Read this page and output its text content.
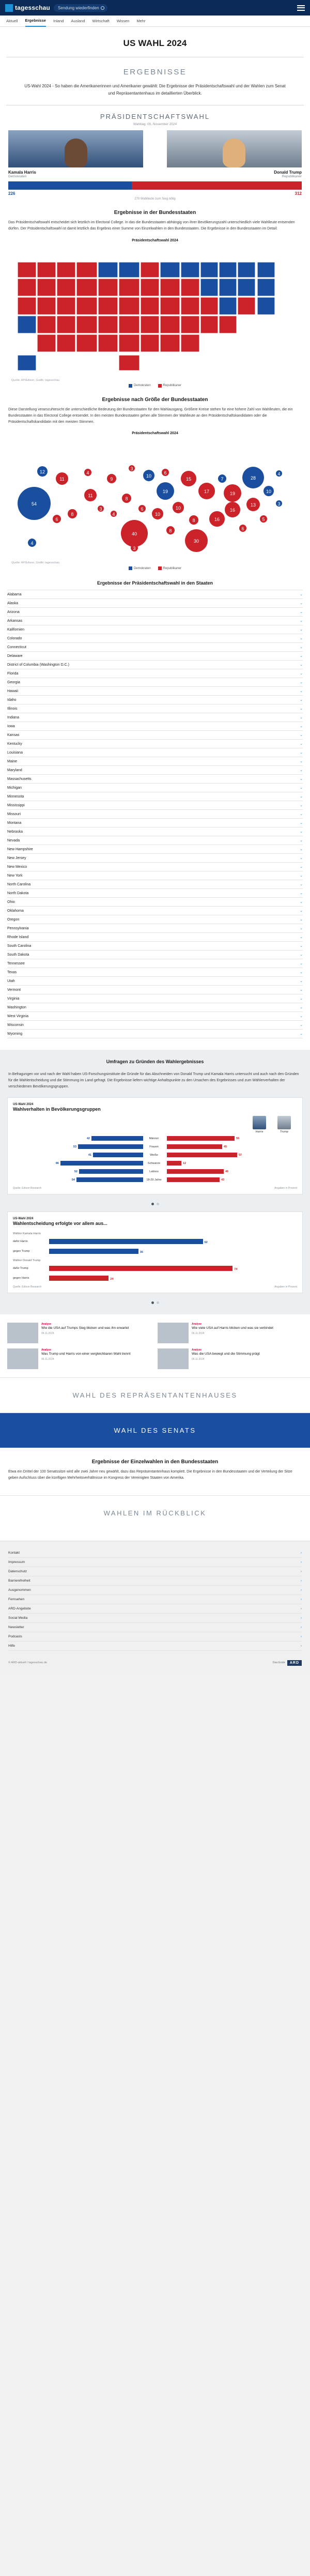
tagesschau	Sendung wiederfinden
Aktuell Ergebnisse Inland Ausland Wirtschaft Wissen Mehr
US WAHL 2024
ERGEBNISSE
US-Wahl 2024 - So haben die Amerikanerinnen und Amerikaner gewählt: Die Ergebnisse der Präsidentschaftswahl und der Wahlen zum Senat und Repräsentantenhaus im detaillierten Überblick.
PRÄSIDENTSCHAFTSWAHL
Wahltag: 05. November 2024
Kamala Harris
Demokraten
Donald Trump
Republikaner
226	312
270 Wahlleute zum Sieg nötig
Ergebnisse in der Bundesstaaten

Das Präsidentschaftswahl entscheidet sich letztlich im Electoral College. In das die Bundesstaaten abhängig von ihrer Bevölkerungszahl unterschiedlich viele Wahlleute entsenden dürfen. Der Präsidentschaftswahl ist damit letztlich das Ergebnis einer Summe von Einzelwahlen in den Bundesstaaten. Die Ergebnisse in den Bundesstaaten im Detail:

Präsidentschaftswahl 2024
Quelle: AP/Edison, Grafik: tagesschau
Demokraten	Republikaner
Ergebnisse nach Größe der Bundesstaaten

Diese Darstellung verarscuhtesicht die unterschiedliche Bedeutung der Bundesstaaten für den Wahlausgang. Größere Kreise stehen für eine höhere Zahl von Wahlleuten, die ein Bundesstaaten in das Electoral College entsendet. In den meisten Bundesstaaten gehen alle Stimmen der Wahlleute an den Präsidentschaftskandidaten oder die Präsidentschaftskandidatin mit den meisten Stimmen.

Präsidentschaftswahl 2024
54
40
30
28
19
19	17
16
16
15
13
11
11
10
10
10
10
12
9
8
8
8
8
7
6
6
6
6
5
4
4
4
3
3
3
4
3
Quelle: AP/Edison, Grafik: tagesschau
Demokraten	Republikaner
Ergebnisse der Präsidentschaftswahl in den Staaten
Alabama	⌄
Alaska	⌄
Arizona	⌄
Arkansas	⌄
Kalifornien	⌄
Colorado	⌄
Connecticut	⌄
Delaware	⌄
District of Columbia (Washington D.C.)	⌄
Florida	⌄
Georgia	⌄
Hawaii	⌄
Idaho	⌄
Illinois	⌄
Indiana	⌄
Iowa	⌄
Kansas	⌄
Kentucky	⌄
Louisiana	⌄
Maine	⌄
Maryland	⌄
Massachusetts	⌄
Michigan	⌄
Minnesota	⌄
Mississippi	⌄
Missouri	⌄
Montana	⌄
Nebraska	⌄
Nevada	⌄
New Hampshire	⌄
New Jersey	⌄
New Mexico	⌄
New York	⌄
North Carolina	⌄
North Dakota	⌄
Ohio	⌄
Oklahoma	⌄
Oregon	⌄
Pennsylvania	⌄
Rhode Island	⌄
South Carolina	⌄
South Dakota	⌄
Tennessee	⌄
Texas	⌄
Utah	⌄
Vermont	⌄
Virginia	⌄
Washington	⌄
West Virginia	⌄
Wisconsin	⌄
Wyoming	⌄
Umfragen zu Gründen des Wahlergebnisses

In Befragungen vor und nach der Wahl haben US-Forschungsinstitute die Gründe für das Abschneiden von Donald Trump und Kamala Harris untersucht und auch nach den Gründen für die Wahlentscheidung und die Stimmung im Land gefragt. Die Ergebnisse liefern wichtige Anhaltspunkte zu den Ursachen des Ergebnisses und zum Wählerverhalten der verschiedenen Bevölkerungsgruppen.

US-Wahl 2024
Wahlverhalten in Bevölkerungsgruppen
Harris	Trump
42	Männer	55
53	Frauen	45
41	Weiße	57
86	Schwarze	12
52	Latinos	46
54	18-29 Jahre	43
Quelle: Edison Research	Angaben in Prozent
US-Wahl 2024
Wahlentscheidung erfolgte vor allem aus...
Wähler Kamala Harris
dafür Harris	62
gegen Trump	36
Wähler Donald Trump
dafür Trump	74
gegen Harris	24
Quelle: Edison Research	Angaben in Prozent
Analyse
Wie die USA auf Trumps Sieg blicken und was ihn erwartet
06.11.2024
Analyse
Wie viele USA auf Harris blicken und was sie verbindet
06.11.2024
Analyse
Was Trump und Harris von einer vergleichbaren Wahl trennt
06.11.2024
Analyse
Was die USA bewegt und die Stimmung prägt
06.11.2024
WAHL DES REPRÄSENTANTENHAUSES
WAHL DES SENATS
Ergebnisse der Einzelwahlen in den Bundesstaaten

Etwa ein Drittel der 100 Senatssitze wird alle zwei Jahre neu gewählt, dazu das Repräsentantenhaus komplett. Die Ergebnisse in den Bundesstaaten und die Verteilung der Sitze geben Aufschluss über die künftigen Mehrheitsverhältnisse im Kongress der Vereinigten Staaten von Amerika.

WAHLEN IM RÜCKBLICK
Kontakt	›
Impressum	›
Datenschutz	›
Barrierefreiheit	›
Ausgenommen	›
Fernsehen	›
ARD-Angebote	›
Social Media	›
Newsletter	›
Podcasts	›
Hilfe	›
© ARD-aktuell / tagesschau.de	Das Erste	ARD
